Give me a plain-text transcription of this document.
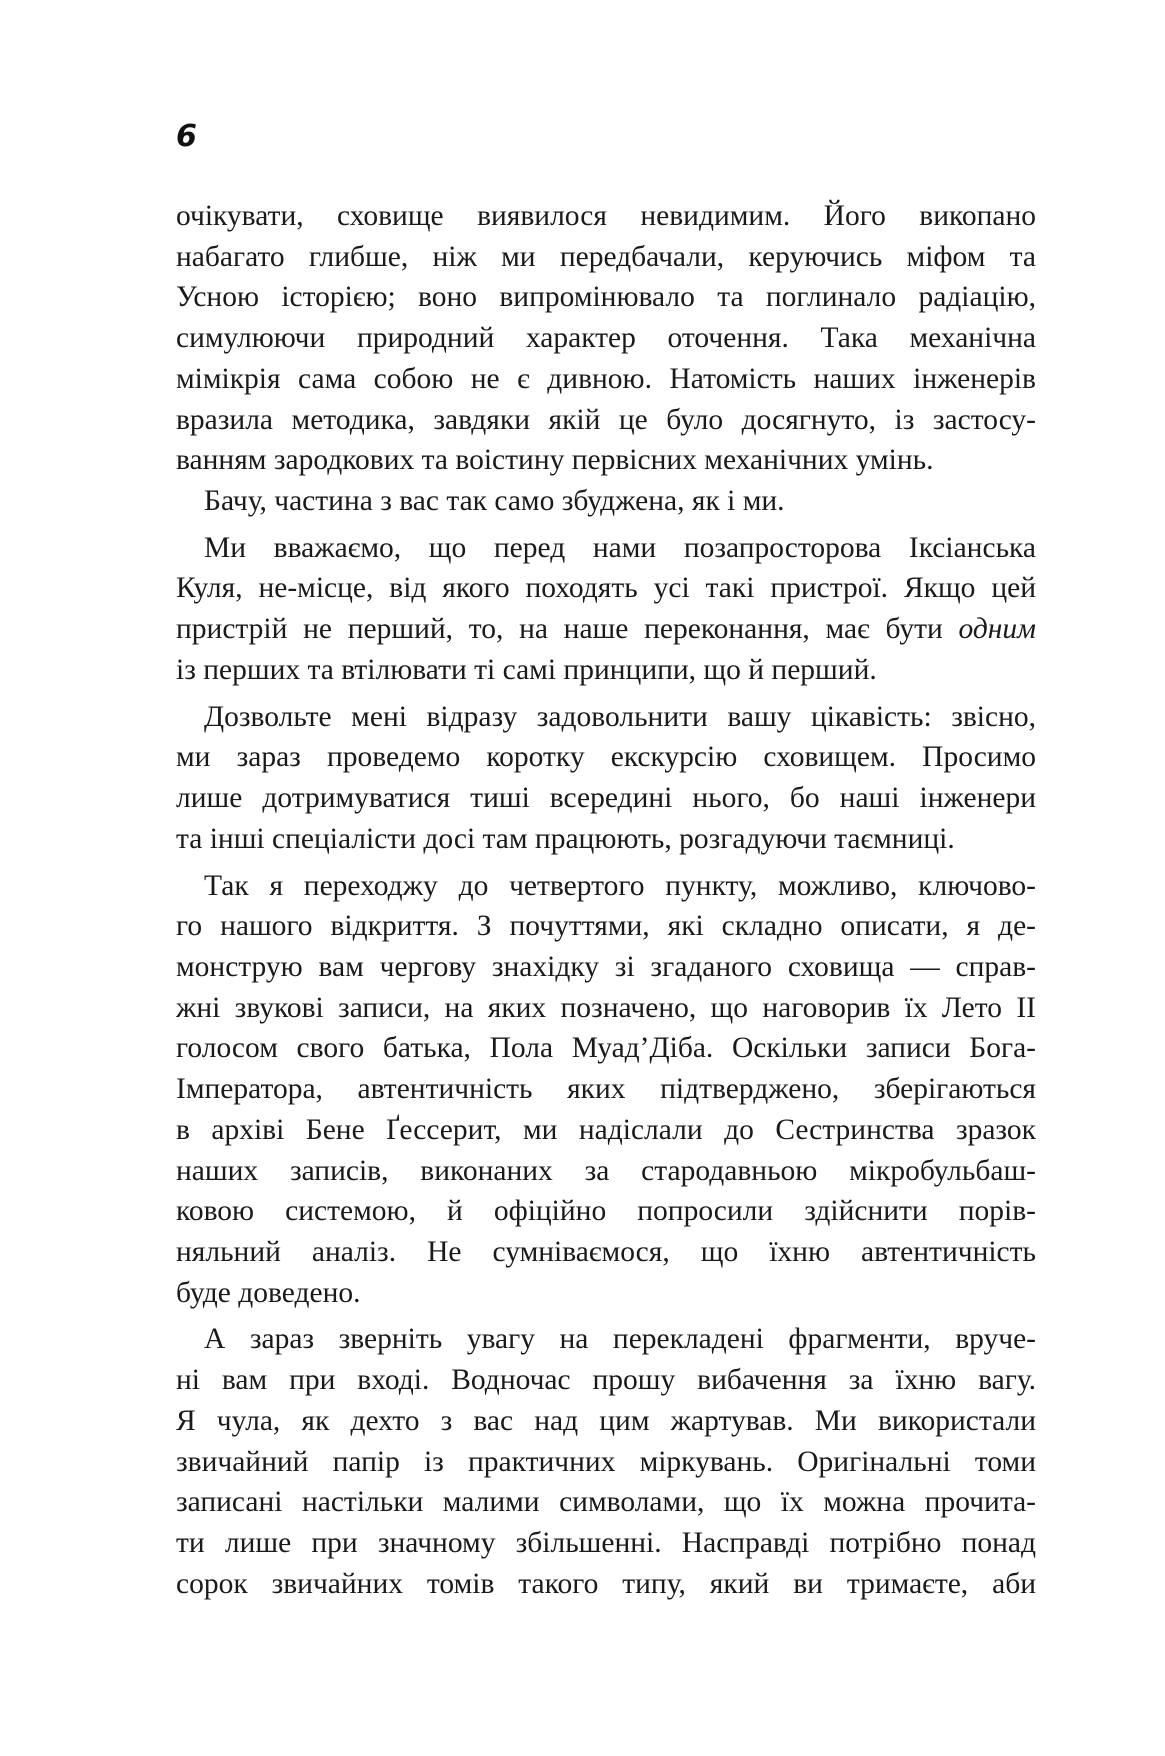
6
очікувати, сховище виявилося невидимим. Його викопано
набагато глибше, ніж ми передбачали, керуючись міфом та
Усною історією; воно випромінювало та поглинало радіацію,
симулюючи природний характер оточення. Така механічна
мімікрія сама собою не є дивною. Натомість наших інженерів
вразила методика, завдяки якій це було досягнуто, із застосу-
ванням зародкових та воістину первісних механічних умінь.
Бачу, частина з вас так само збуджена, як і ми.
Ми вважаємо, що перед нами позапросторова Іксіанська
Куля, не-місце, від якого походять усі такі пристрої. Якщо цей
пристрій не перший, то, на наше переконання, має бути одним
із перших та втілювати ті самі принципи, що й перший.
Дозвольте мені відразу задовольнити вашу цікавість: звісно,
ми зараз проведемо коротку екскурсію сховищем. Просимо
лише дотримуватися тиші всередині нього, бо наші інженери
та інші спеціалісти досі там працюють, розгадуючи таємниці.
Так я переходжу до четвертого пункту, можливо, ключово-
го нашого відкриття. З почуттями, які складно описати, я де-
монструю вам чергову знахідку зі згаданого сховища — справ-
жні звукові записи, на яких позначено, що наговорив їх Лето ІІ
голосом свого батька, Пола Муад’Діба. Оскільки записи Бога-
Імператора, автентичність яких підтверджено, зберігаються
в архіві Бене Ґессерит, ми надіслали до Сестринства зразок
наших записів, виконаних за стародавньою мікробульбаш-
ковою системою, й офіційно попросили здійснити порів-
няльний аналіз. Не сумніваємося, що їхню автентичність
буде доведено.
А зараз зверніть увагу на перекладені фрагменти, вруче-
ні вам при вході. Водночас прошу вибачення за їхню вагу.
Я чула, як дехто з вас над цим жартував. Ми використали
звичайний папір із практичних міркувань. Оригінальні томи
записані настільки малими символами, що їх можна прочита-
ти лише при значному збільшенні. Насправді потрібно понад
сорок звичайних томів такого типу, який ви тримаєте, аби
